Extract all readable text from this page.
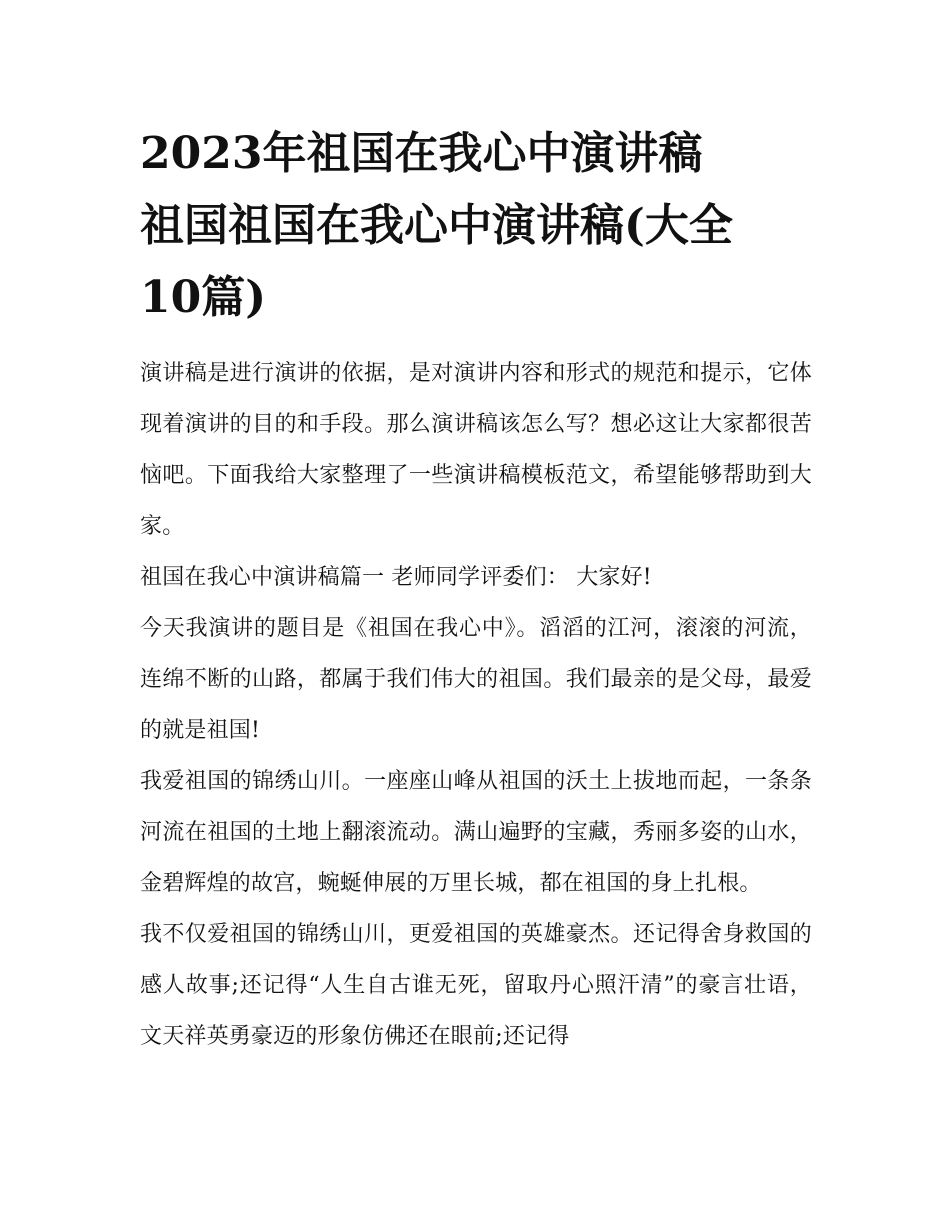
2023年祖国在我心中演讲稿
祖国祖国在我心中演讲稿(大全
10篇)

演讲稿是进行演讲的依据，是对演讲内容和形式的规范和提示，它体现着演讲的目的和手段。那么演讲稿该怎么写？想必这让大家都很苦恼吧。下面我给大家整理了一些演讲稿模板范文，希望能够帮助到大家。

祖国在我心中演讲稿篇一 老师同学评委们： 大家好!

今天我演讲的题目是《祖国在我心中》。滔滔的江河，滚滚的河流，连绵不断的山路，都属于我们伟大的祖国。我们最亲的是父母，最爱的就是祖国!

我爱祖国的锦绣山川。一座座山峰从祖国的沃土上拔地而起，一条条河流在祖国的土地上翻滚流动。满山遍野的宝藏，秀丽多姿的山水，金碧辉煌的故宫，蜿蜒伸展的万里长城，都在祖国的身上扎根。

我不仅爱祖国的锦绣山川，更爱祖国的英雄豪杰。还记得舍身救国的感人故事;还记得“人生自古谁无死，留取丹心照汗清”的豪言壮语，文天祥英勇豪迈的形象仿佛还在眼前;还记得
